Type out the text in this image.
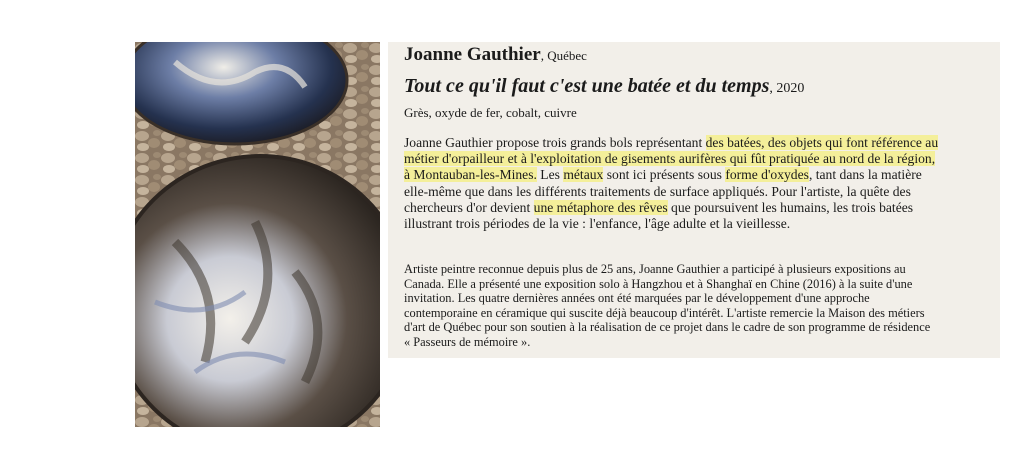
Joanne Gauthier, Québec
Tout ce qu'il faut c'est une batée et du temps, 2020
Grès, oxyde de fer, cobalt, cuivre
Joanne Gauthier propose trois grands bols représentant des batées, des objets qui font référence au
métier d'orpailleur et à l'exploitation de gisements aurifères qui fût pratiquée au nord de la région,
à Montauban-les-Mines. Les métaux sont ici présents sous forme d'oxydes, tant dans la matière
elle-même que dans les différents traitements de surface appliqués. Pour l'artiste, la quête des
chercheurs d'or devient une métaphore des rêves que poursuivent les humains, les trois batées
illustrant trois périodes de la vie : l'enfance, l'âge adulte et la vieillesse.
Artiste peintre reconnue depuis plus de 25 ans, Joanne Gauthier a participé à plusieurs expositions au
Canada. Elle a présenté une exposition solo à Hangzhou et à Shanghaï en Chine (2016) à la suite d'une
invitation. Les quatre dernières années ont été marquées par le développement d'une approche
contemporaine en céramique qui suscite déjà beaucoup d'intérêt. L'artiste remercie la Maison des métiers
d'art de Québec pour son soutien à la réalisation de ce projet dans le cadre de son programme de résidence
« Passeurs de mémoire ».
